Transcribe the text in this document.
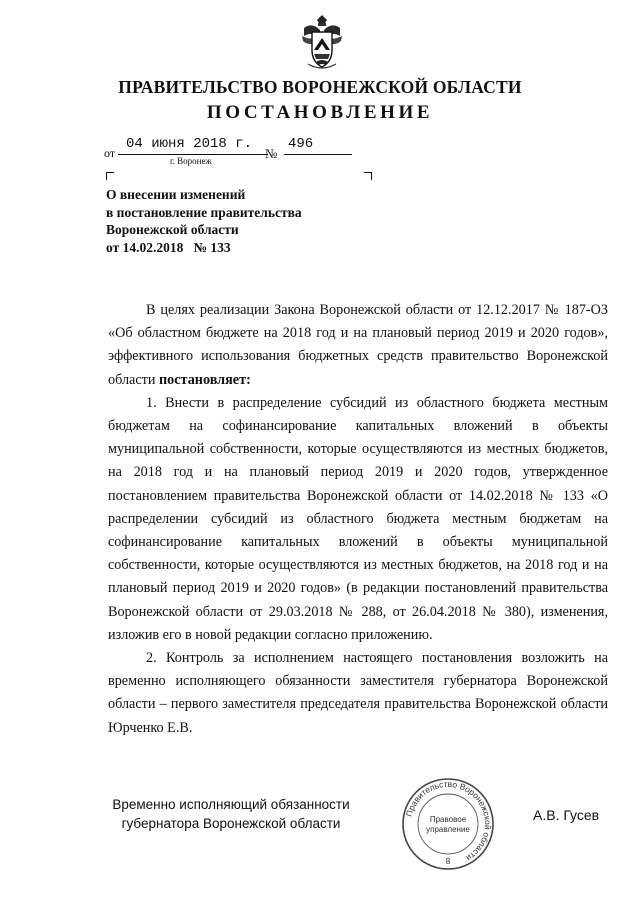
ПРАВИТЕЛЬСТВО ВОРОНЕЖСКОЙ ОБЛАСТИ
ПОСТАНОВЛЕНИЕ
от
04 июня 2018 г.
№
496
г. Воронеж
О внесении изменений
в постановление правительства
Воронежской области
от 14.02.2018   № 133

В целях реализации Закона Воронежской области от 12.12.2017 № 187-ОЗ «Об областном бюджете на 2018 год и на плановый период 2019 и 2020 годов», эффективного использования бюджетных средств правительство Воронежской области постановляет:

1. Внести в распределение субсидий из областного бюджета местным бюджетам на софинансирование капитальных вложений в объекты муниципальной собственности, которые осуществляются из местных бюджетов, на 2018 год и на плановый период 2019 и 2020 годов, утвержденное постановлением правительства Воронежской области от 14.02.2018 № 133 «О распределении субсидий из областного бюджета местным бюджетам на софинансирование капитальных вложений в объекты муниципальной собственности, которые осуществляются из местных бюджетов, на 2018 год и на плановый период 2019 и 2020 годов» (в редакции постановлений правительства Воронежской области от 29.03.2018 № 288, от 26.04.2018 № 380), изменения, изложив его в новой редакции согласно приложению.

2. Контроль за исполнением настоящего постановления возложить на временно исполняющего обязанности заместителя губернатора Воронежской области – первого заместителя председателя правительства Воронежской области Юрченко Е.В.

Временно исполняющий обязанности
губернатора Воронежской области
Правительство Воронежской области
Правовое
управление
8
А.В. Гусев
